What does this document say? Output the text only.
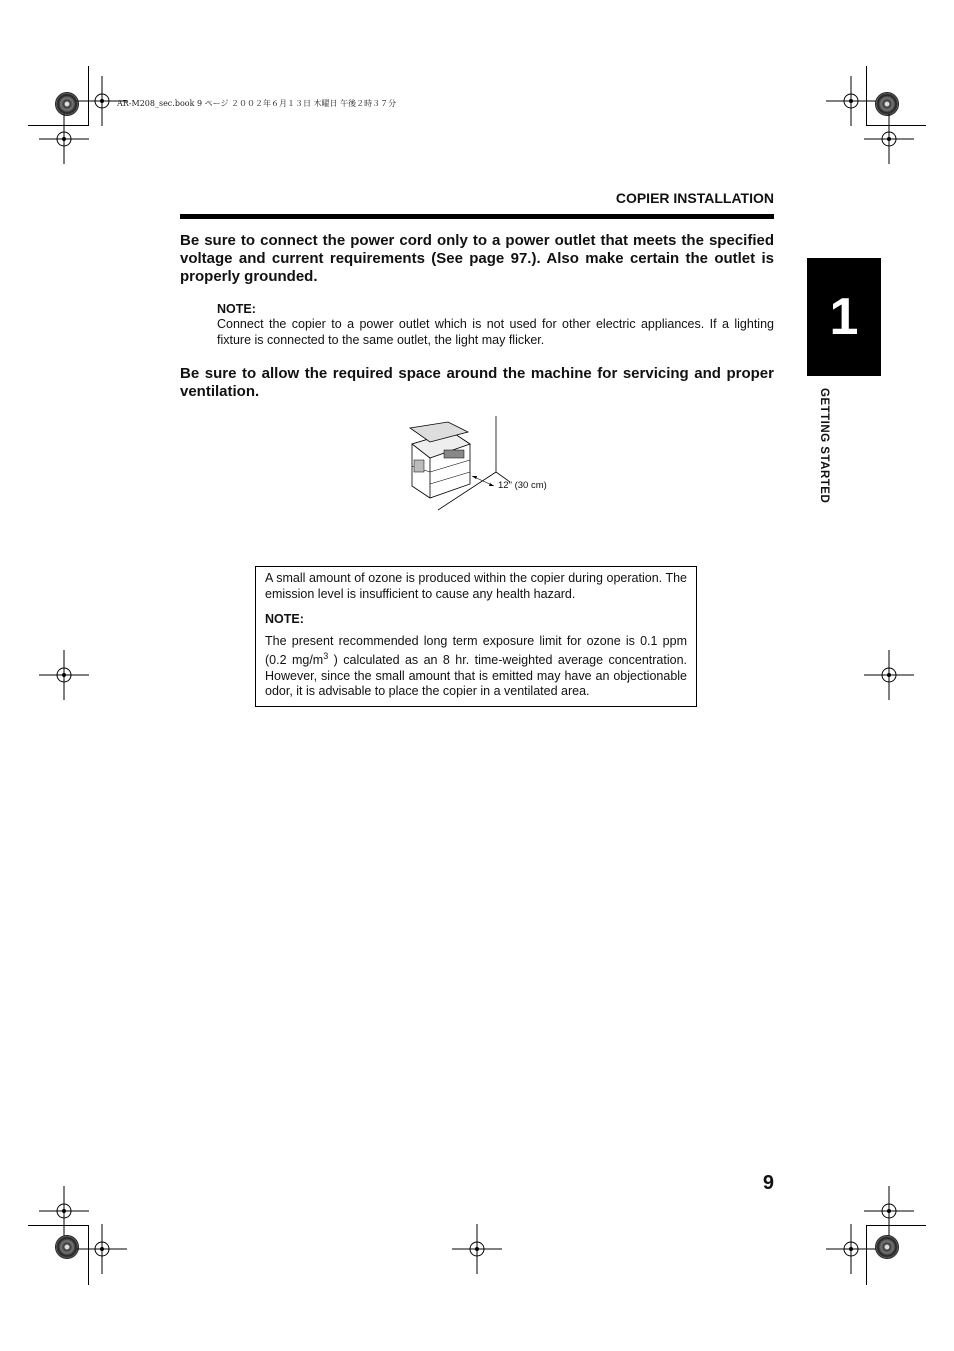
AR-M208_sec.book 9 ページ ２００２年６月１３日 木曜日 午後２時３７分
COPIER INSTALLATION
Be sure to connect the power cord only to a power outlet that meets the specified voltage and current requirements (See page 97.). Also make certain the outlet is properly grounded.
NOTE:
Connect the copier to a power outlet which is not used for other electric appliances. If a lighting fixture is connected to the same outlet, the light may flicker.
Be sure to allow the required space around the machine for servicing and proper ventilation.
12" (30 cm)

A small amount of ozone is produced within the copier during operation. The emission level is insufficient to cause any health hazard.

NOTE:

The present recommended long term exposure limit for ozone is 0.1 ppm (0.2 $mg/m^3$ ) calculated as an 8 hr. time-weighted average concentration. However, since the small amount that is emitted may have an objectionable odor, it is advisable to place the copier in a ventilated area.

1
GETTING STARTED
9
